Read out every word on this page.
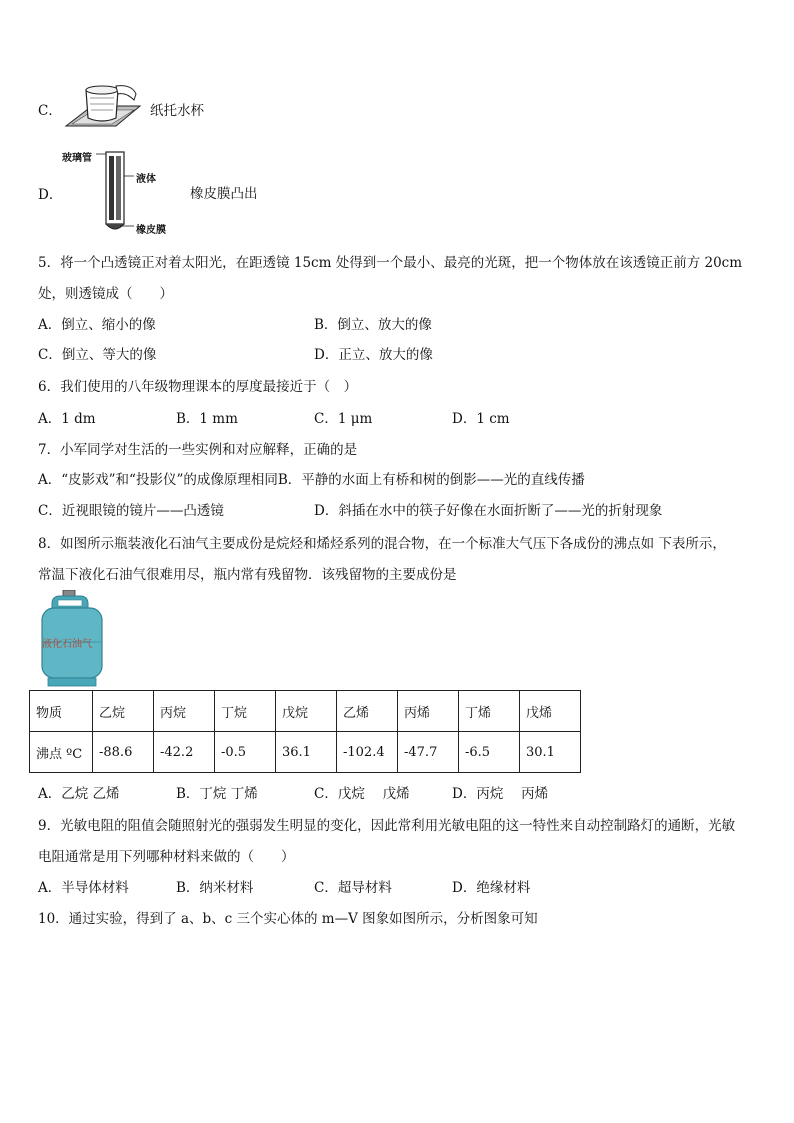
C．	纸托水杯
D．
玻璃管
液体
橡皮膜
橡皮膜凸出
5．将一个凸透镜正对着太阳光，在距透镜 15cm 处得到一个最小、最亮的光斑，把一个物体放在该透镜正前方 20cm
处，则透镜成（　　）
A．倒立、缩小的像	B．倒立、放大的像
C．倒立、等大的像	D．正立、放大的像
6．我们使用的八年级物理课本的厚度最接近于（　）
A．1 dm	B．1 mm	C．1 μm	D．1 cm
7．小军同学对生活的一些实例和对应解释，正确的是
A．“皮影戏”和“投影仪”的成像原理相同B．平静的水面上有桥和树的倒影——光的直线传播
C．近视眼镜的镜片——凸透镜	D．斜插在水中的筷子好像在水面折断了——光的折射现象
8．如图所示瓶装液化石油气主要成份是烷烃和烯烃系列的混合物，在一个标准大气压下各成份的沸点如 下表所示，
常温下液化石油气很难用尽，瓶内常有残留物．该残留物的主要成份是
液化石油气
物质	乙烷	丙烷	丁烷	戊烷	乙烯	丙烯	丁烯	戊烯
沸点 ºC	-88.6	-42.2	-0.5	36.1	-102.4	-47.7	-6.5	30.1
A．乙烷 乙烯	B．丁烷 丁烯	C．戊烷　 戊烯	D．丙烷　 丙烯
9．光敏电阻的阻值会随照射光的强弱发生明显的变化，因此常利用光敏电阻的这一特性来自动控制路灯的通断，光敏
电阻通常是用下列哪种材料来做的（　　）
A．半导体材料	B．纳米材料	C．超导材料	D．绝缘材料
10．通过实验，得到了 a、b、c 三个实心体的 m—V 图象如图所示，分析图象可知
